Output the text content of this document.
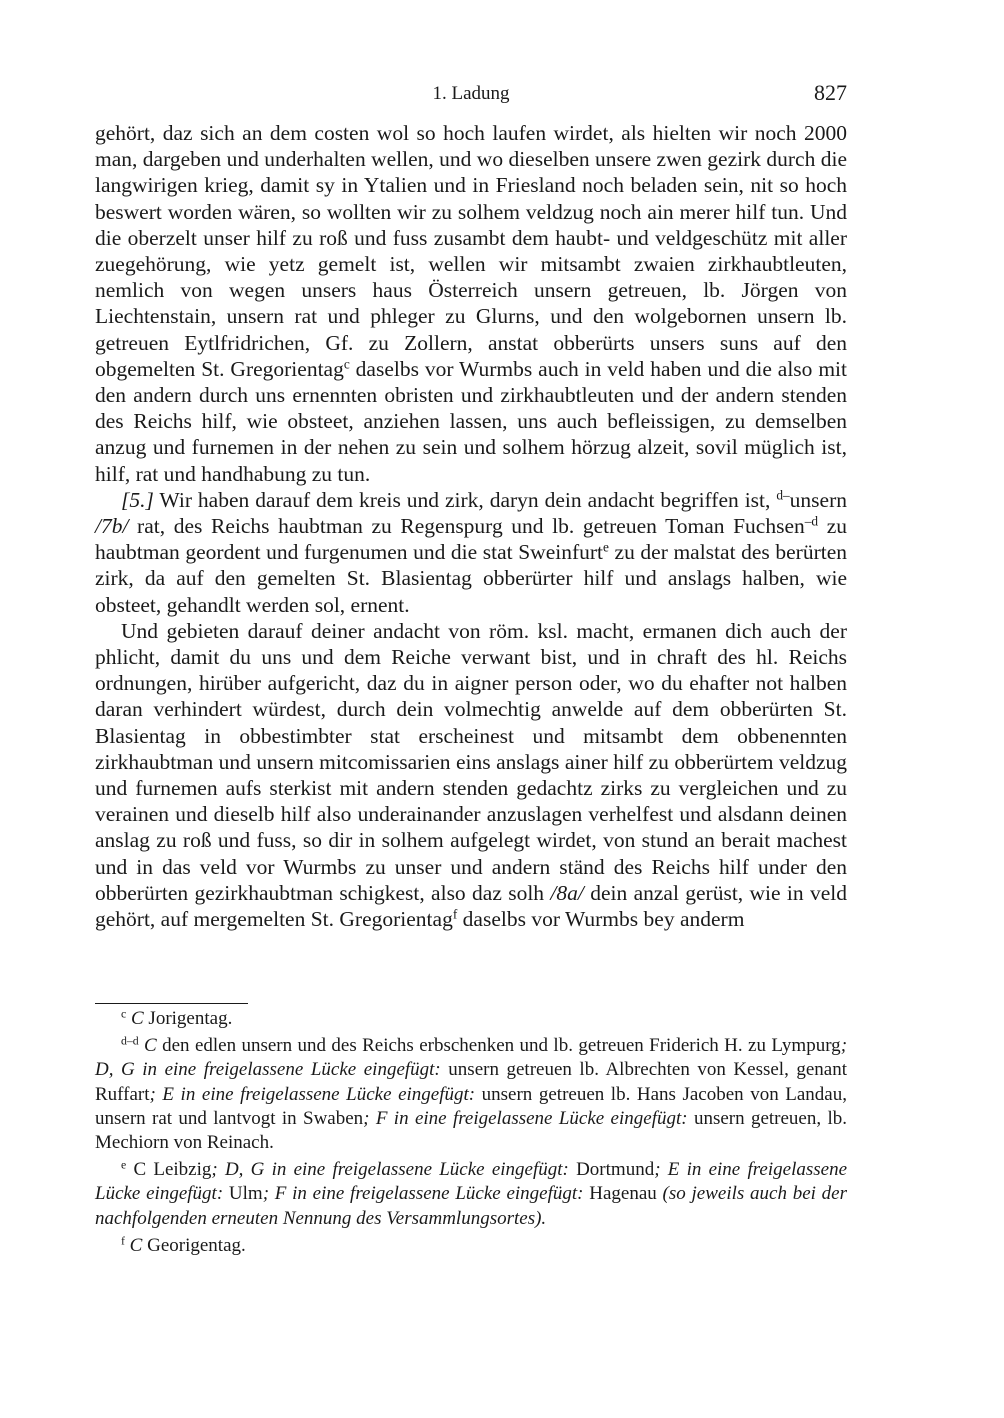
1. Ladung	827

gehört, daz sich an dem costen wol so hoch laufen wirdet, als hielten wir noch 2000 man, dargeben und underhalten wellen, und wo dieselben unsere zwen gezirk durch die langwirigen krieg, damit sy in Ytalien und in Friesland noch beladen sein, nit so hoch beswert worden wären, so wollten wir zu solhem veldzug noch ain merer hilf tun. Und die oberzelt unser hilf zu roß und fuss zusambt dem haubt- und veldgeschütz mit aller zuegehörung, wie yetz gemelt ist, wellen wir mitsambt zwaien zirkhaubtleuten, nemlich von wegen unsers haus Österreich unsern getreuen, lb. Jörgen von Liechtenstain, unsern rat und phleger zu Glurns, und den wolgebornen unsern lb. getreuen Eytlfridrichen, Gf. zu Zollern, anstat obberürts unsers suns auf den obgemelten St. Gregorientag$^c$ daselbs vor Wurmbs auch in veld haben und die also mit den andern durch uns ernennten obristen und zirkhaubtleuten und der andern stenden des Reichs hilf, wie obsteet, anziehen lassen, uns auch befleissigen, zu demselben anzug und furnemen in der nehen zu sein und solhem hörzug alzeit, sovil müglich ist, hilf, rat und handhabung zu tun.

[5.] Wir haben darauf dem kreis und zirk, daryn dein andacht begriffen ist, $^{d-}$unsern /7b/ rat, des Reichs haubtman zu Regenspurg und lb. getreuen Toman Fuchsen$^{-d}$ zu haubtman geordent und furgenumen und die stat Sweinfurt$^e$ zu der malstat des berürten zirk, da auf den gemelten St. Blasientag obberürter hilf und anslags halben, wie obsteet, gehandlt werden sol, ernent.

Und gebieten darauf deiner andacht von röm. ksl. macht, ermanen dich auch der phlicht, damit du uns und dem Reiche verwant bist, und in chraft des hl. Reichs ordnungen, hirüber aufgericht, daz du in aigner person oder, wo du ehafter not halben daran verhindert würdest, durch dein volmechtig anwelde auf dem obberürten St. Blasientag in obbestimbter stat erscheinest und mitsambt dem obbenennten zirkhaubtman und unsern mitcomissarien eins anslags ainer hilf zu obberürtem veldzug und furnemen aufs sterkist mit andern stenden gedachtz zirks zu vergleichen und zu verainen und dieselb hilf also underainander anzuslagen verhelfest und alsdann deinen anslag zu roß und fuss, so dir in solhem aufgelegt wirdet, von stund an berait machest und in das veld vor Wurmbs zu unser und andern ständ des Reichs hilf under den obberürten gezirkhaubtman schigkest, also daz solh /8a/ dein anzal gerüst, wie in veld gehört, auf mergemelten St. Gregorientag$^f$ daselbs vor Wurmbs bey anderm

$^c$ C Jorigentag.

$^{d-d}$ C den edlen unsern und des Reichs erbschenken und lb. getreuen Friderich H. zu Lympurg; D, G in eine freigelassene Lücke eingefügt: unsern getreuen lb. Albrechten von Kessel, genant Ruffart; E in eine freigelassene Lücke eingefügt: unsern getreuen lb. Hans Jacoben von Landau, unsern rat und lantvogt in Swaben; F in eine freigelassene Lücke eingefügt: unsern getreuen, lb. Mechiorn von Reinach.

$^e$ C Leibzig; D, G in eine freigelassene Lücke eingefügt: Dortmund; E in eine freigelassene Lücke eingefügt: Ulm; F in eine freigelassene Lücke eingefügt: Hagenau (so jeweils auch bei der nachfolgenden erneuten Nennung des Versammlungsortes).

$^f$ C Georigentag.
